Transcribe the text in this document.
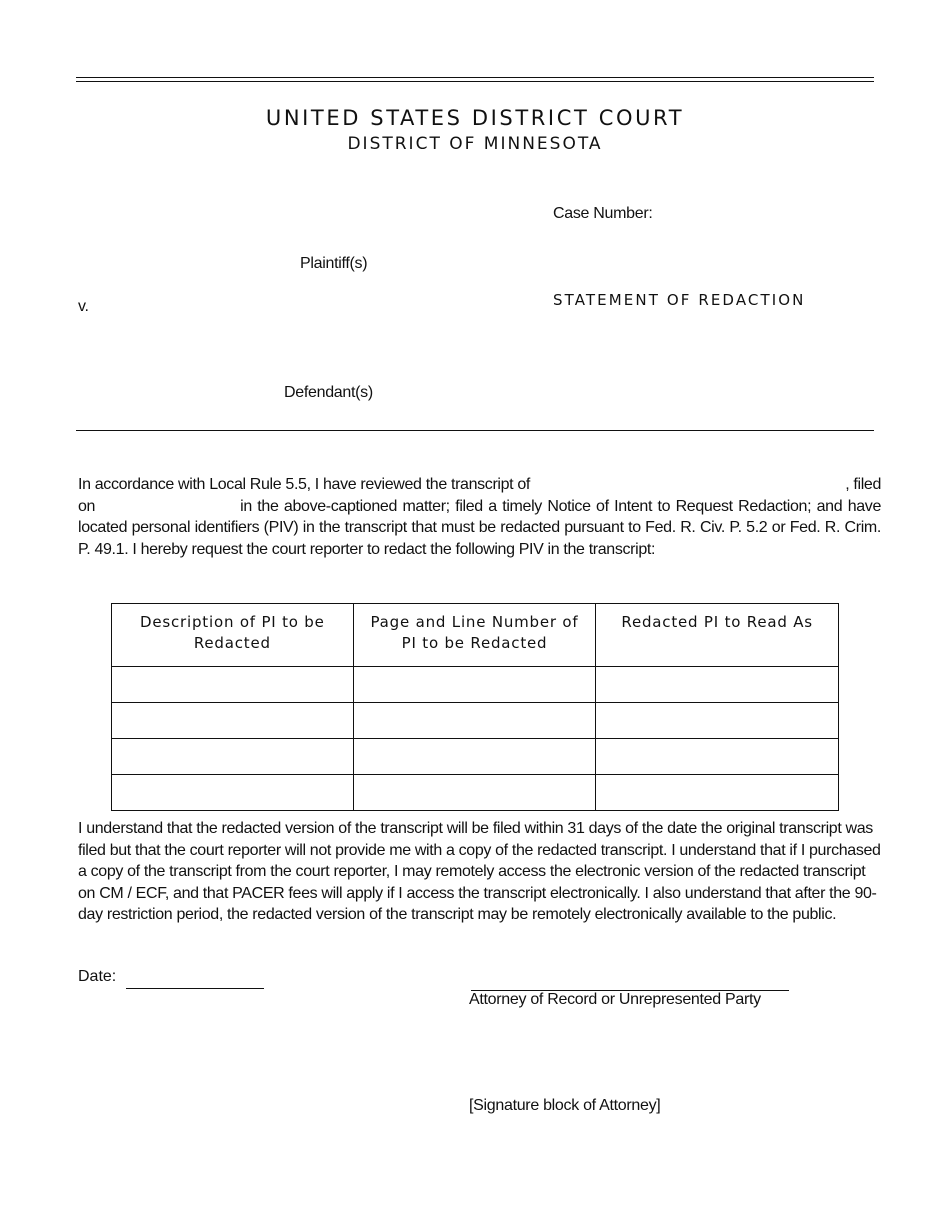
UNITED STATES DISTRICT COURT
DISTRICT OF MINNESOTA
Case Number:
Plaintiff(s)
v.	STATEMENT OF REDACTION
Defendant(s)
In accordance with Local Rule 5.5, I have reviewed the transcript of	, filed
on	in the above-captioned matter; filed a timely Notice of Intent to Request Redaction; and have located personal identifiers (PIV) in the transcript that must be redacted pursuant to Fed. R. Civ. P. 5.2 or Fed. R. Crim. P. 49.1. I hereby request the court reporter to redact the following PIV in the transcript:
Description of PI to be Redacted	Page and Line Number of PI to be Redacted	Redacted PI to Read As

I understand that the redacted version of the transcript will be filed within 31 days of the date the original transcript was filed but that the court reporter will not provide me with a copy of the redacted transcript. I understand that if I purchased a copy of the transcript from the court reporter, I may remotely access the electronic version of the redacted transcript on CM / ECF, and that PACER fees will apply if I access the transcript electronically. I also understand that after the 90-day restriction period, the redacted version of the transcript may be remotely electronically available to the public.

Date:
Attorney of Record or Unrepresented Party
[Signature block of Attorney]
